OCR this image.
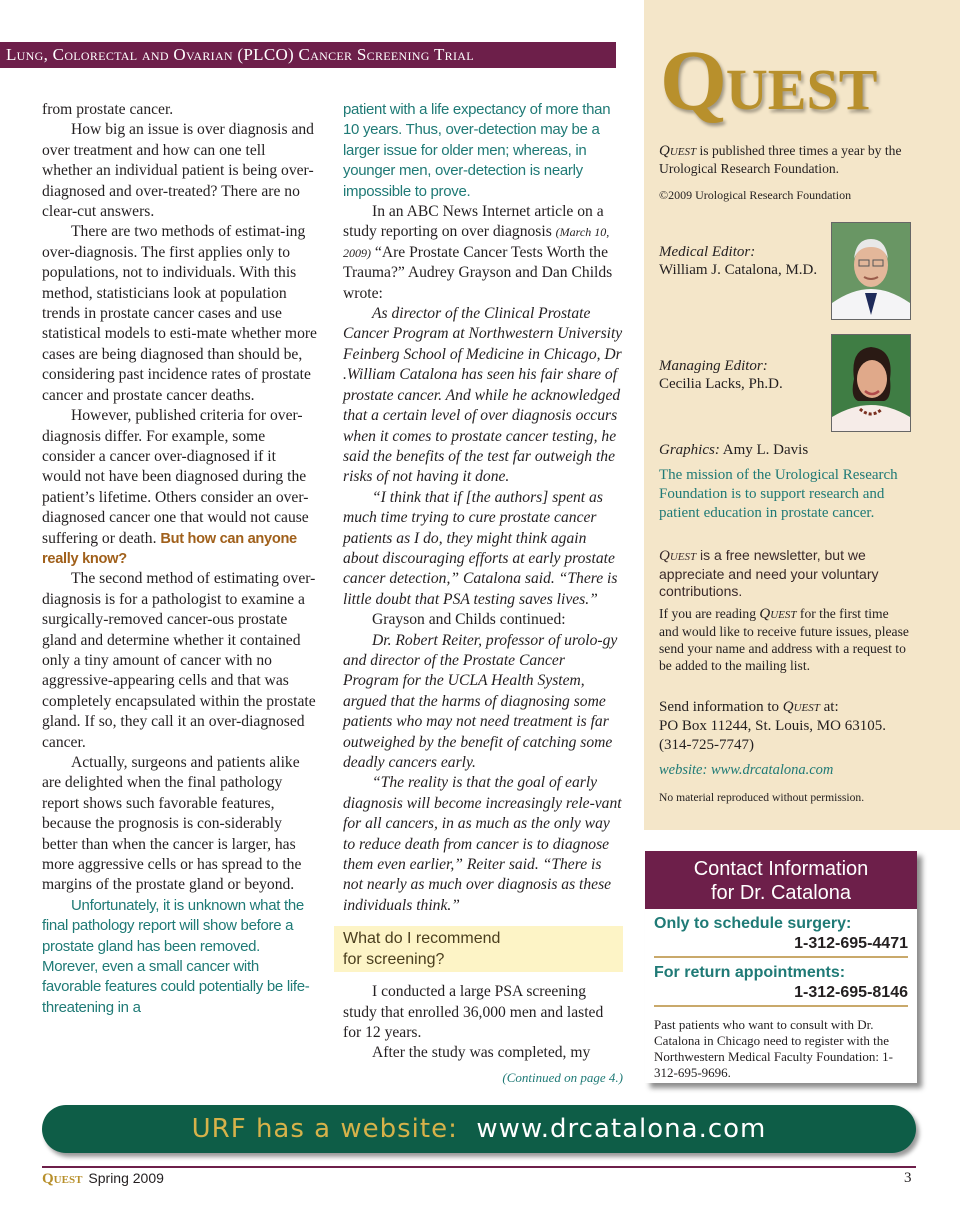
Lung, Colorectal and Ovarian (PLCO) Cancer Screening Trial

from prostate cancer.

How big an issue is over diagnosis and over treatment and how can one tell whether an individual patient is being over-diagnosed and over-treated? There are no clear-cut answers.

There are two methods of estimat-ing over-diagnosis. The first applies only to populations, not to individuals. With this method, statisticians look at population trends in prostate cancer cases and use statistical models to esti-mate whether more cases are being diagnosed than should be, considering past incidence rates of prostate cancer and prostate cancer deaths.

However, published criteria for over-diagnosis differ. For example, some consider a cancer over-diagnosed if it would not have been diagnosed during the patient’s lifetime. Others consider an over-diagnosed cancer one that would not cause suffering or death. But how can anyone really know?

The second method of estimating over-diagnosis is for a pathologist to examine a surgically-removed cancer-ous prostate gland and determine whether it contained only a tiny amount of cancer with no aggressive-appearing cells and that was completely encapsulated within the prostate gland. If so, they call it an over-diagnosed cancer.

Actually, surgeons and patients alike are delighted when the final pathology report shows such favorable features, because the prognosis is con-siderably better than when the cancer is larger, has more aggressive cells or has spread to the margins of the prostate gland or beyond.

Unfortunately, it is unknown what the final pathology report will show before a prostate gland has been removed. Morever, even a small cancer with favorable features could potentially be life-threatening in a

patient with a life expectancy of more than 10 years. Thus, over-detection may be a larger issue for older men; whereas, in younger men, over-detection is nearly impossible to prove.

In an ABC News Internet article on a study reporting on over diagnosis (March 10, 2009) “Are Prostate Cancer Tests Worth the Trauma?” Audrey Grayson and Dan Childs wrote:

As director of the Clinical Prostate Cancer Program at Northwestern University Feinberg School of Medicine in Chicago, Dr .William Catalona has seen his fair share of prostate cancer. And while he acknowledged that a certain level of over diagnosis occurs when it comes to prostate cancer testing, he said the benefits of the test far outweigh the risks of not having it done.

“I think that if [the authors] spent as much time trying to cure prostate cancer patients as I do, they might think again about discouraging efforts at early prostate cancer detection,” Catalona said. “There is little doubt that PSA testing saves lives.”

Grayson and Childs continued:

Dr. Robert Reiter, professor of urolo-gy and director of the Prostate Cancer Program for the UCLA Health System, argued that the harms of diagnosing some patients who may not need treatment is far outweighed by the benefit of catching some deadly cancers early.

“The reality is that the goal of early diagnosis will become increasingly rele-vant for all cancers, in as much as the only way to reduce death from cancer is to diagnose them even earlier,” Reiter said. “There is not nearly as much over diagnosis as these individuals think.”

What do I recommend
for screening?

I conducted a large PSA screening study that enrolled 36,000 men and lasted for 12 years.

After the study was completed, my

(Continued on page 4.)
QUEST
Quest is published three times a year by the Urological Research Foundation.
©2009 Urological Research Foundation
Medical Editor:
William J. Catalona, M.D.
Managing Editor:
Cecilia Lacks, Ph.D.
Graphics: Amy L. Davis
The mission of the Urological Research Foundation is to support research and patient education in prostate cancer.
Quest is a free newsletter, but we appreciate and need your voluntary contributions.
If you are reading Quest for the first time and would like to receive future issues, please send your name and address with a request to be added to the mailing list.
Send information to Quest at:
PO Box 11244, St. Louis, MO 63105.
(314-725-7747)
website: www.drcatalona.com
No material reproduced without permission.
Contact Information
for Dr. Catalona
Only to schedule surgery:
1-312-695-4471
For return appointments:
1-312-695-8146
Past patients who want to consult with Dr. Catalona in Chicago need to register with the Northwestern Medical Faculty Foundation: 1-312-695-9696.
URF has a website: www.drcatalona.com
Quest Spring 2009	3
